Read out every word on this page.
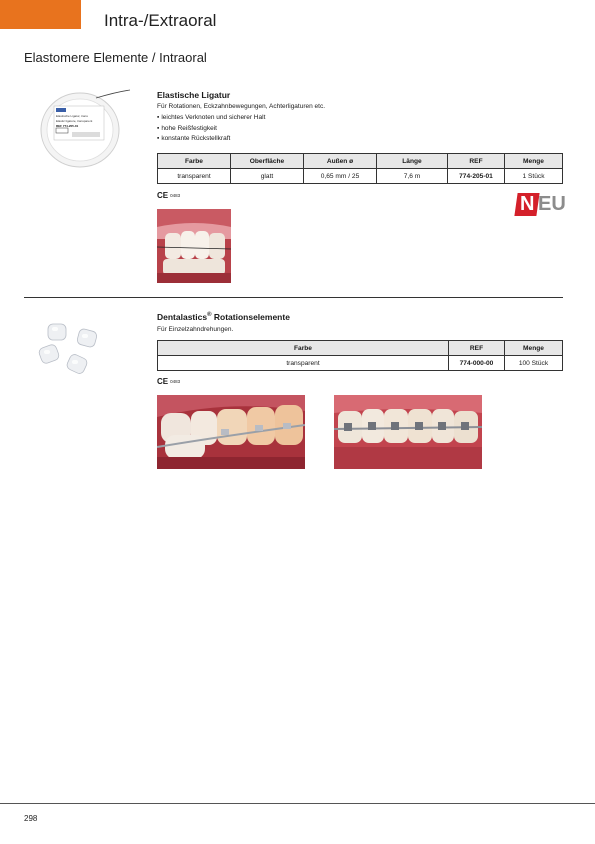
Intra-/Extraoral
Elastomere Elemente / Intraoral
Elastische Ligatur, trans
Elastic ligature, transparent
REF 774-205-01
Elastische Ligatur
Für Rotationen, Eckzahnbewegungen, Achterligaturen etc.
▪ leichtes Verknoten und sicherer Halt
▪ hohe Reißfestigkeit
▪ konstante Rückstellkraft
Farbe	Oberfläche	Außen ø	Länge	REF	Menge
transparent	glatt	0,65 mm / 25	7,6 m	774-205-01	1 Stück
CE 0483	N EU
Dentalastics® Rotationselemente
Für Einzelzahndrehungen.
Farbe	REF	Menge
transparent	774-000-00	100 Stück
CE 0483
298
